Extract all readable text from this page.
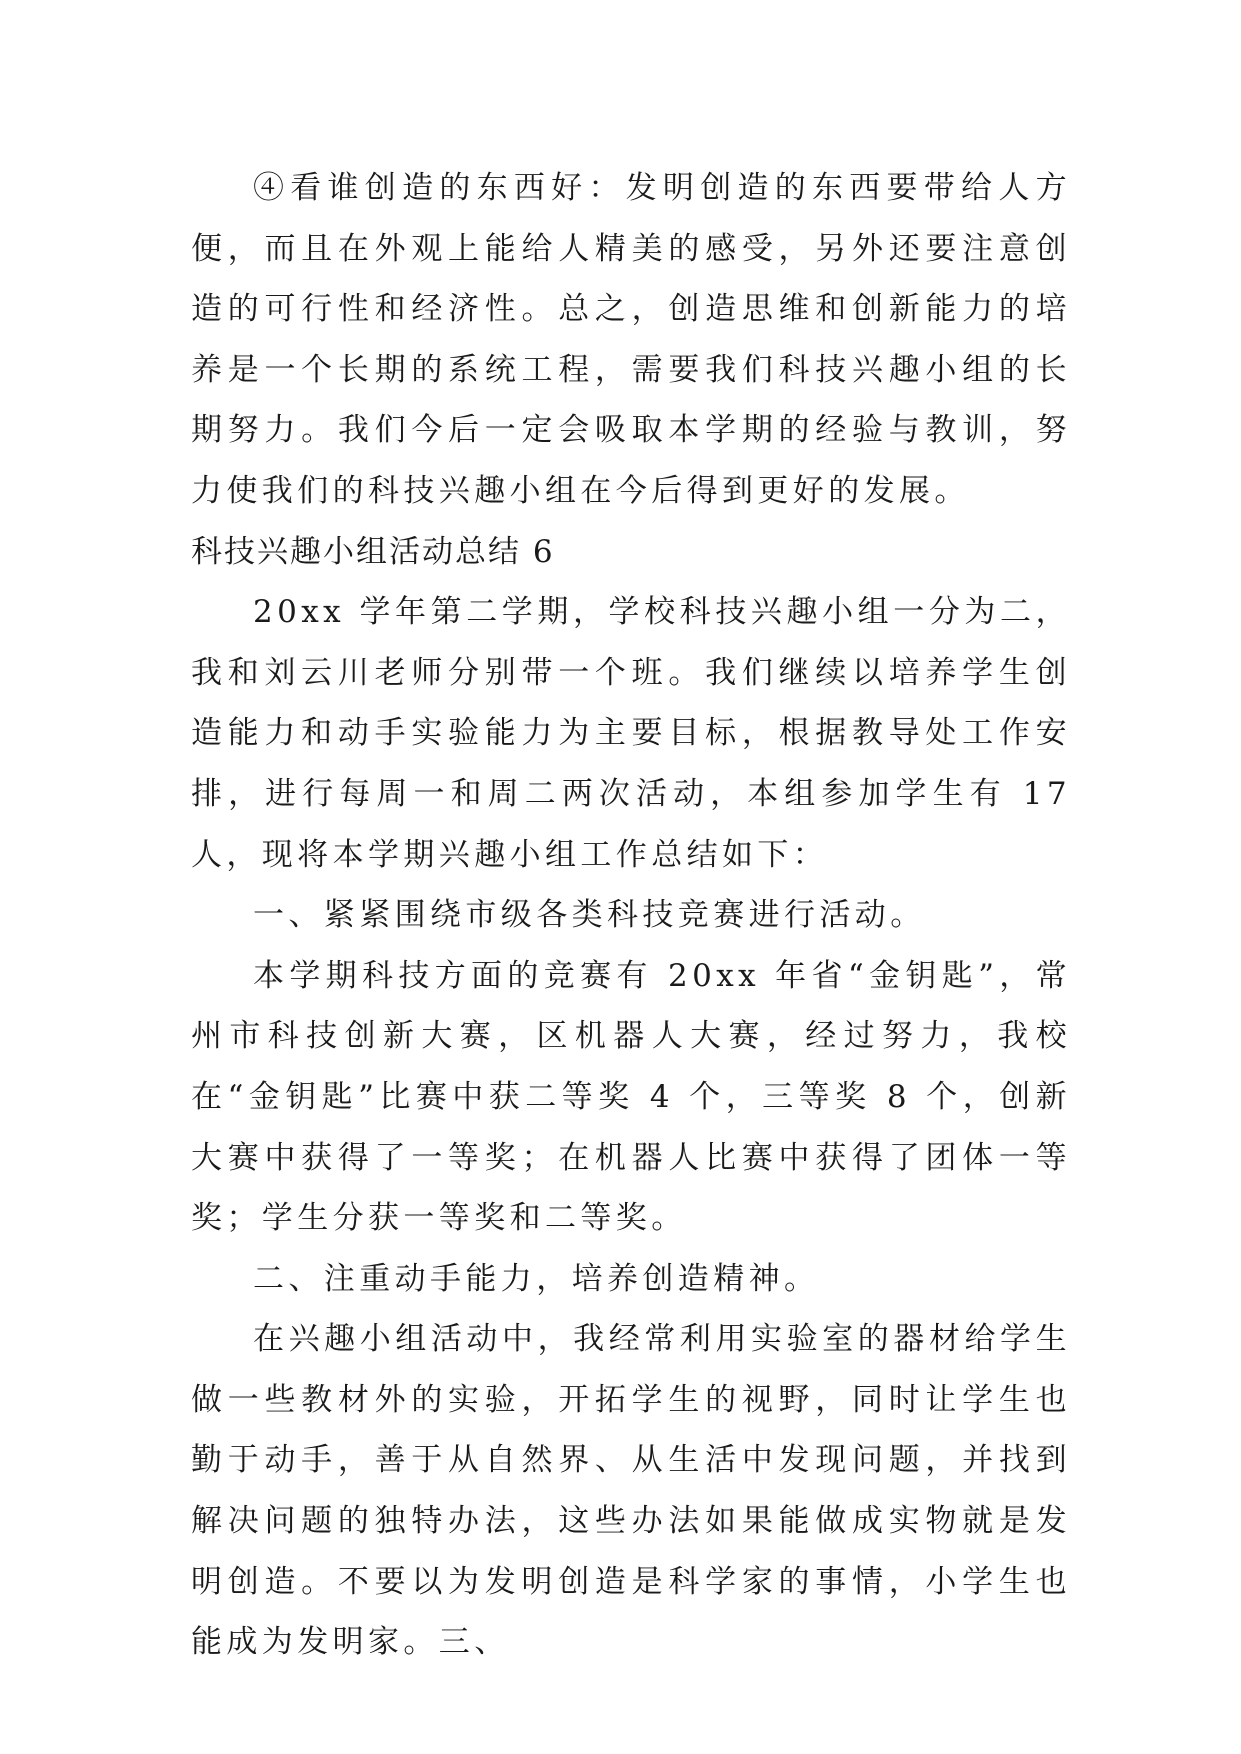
④看谁创造的东西好：发明创造的东西要带给人方便，而且在外观上能给人精美的感受，另外还要注意创造的可行性和经济性。总之，创造思维和创新能力的培养是一个长期的系统工程，需要我们科技兴趣小组的长期努力。我们今后一定会吸取本学期的经验与教训，努力使我们的科技兴趣小组在今后得到更好的发展。

科技兴趣小组活动总结 6

20xx 学年第二学期，学校科技兴趣小组一分为二，我和刘云川老师分别带一个班。我们继续以培养学生创造能力和动手实验能力为主要目标，根据教导处工作安排，进行每周一和周二两次活动，本组参加学生有 17 人，现将本学期兴趣小组工作总结如下：

一、紧紧围绕市级各类科技竞赛进行活动。

本学期科技方面的竞赛有 20xx 年省“金钥匙”，常州市科技创新大赛，区机器人大赛，经过努力，我校在“金钥匙”比赛中获二等奖 4 个，三等奖 8 个，创新大赛中获得了一等奖；在机器人比赛中获得了团体一等奖；学生分获一等奖和二等奖。

二、注重动手能力，培养创造精神。

在兴趣小组活动中，我经常利用实验室的器材给学生做一些教材外的实验，开拓学生的视野，同时让学生也勤于动手，善于从自然界、从生活中发现问题，并找到解决问题的独特办法，这些办法如果能做成实物就是发明创造。不要以为发明创造是科学家的事情，小学生也能成为发明家。三、
